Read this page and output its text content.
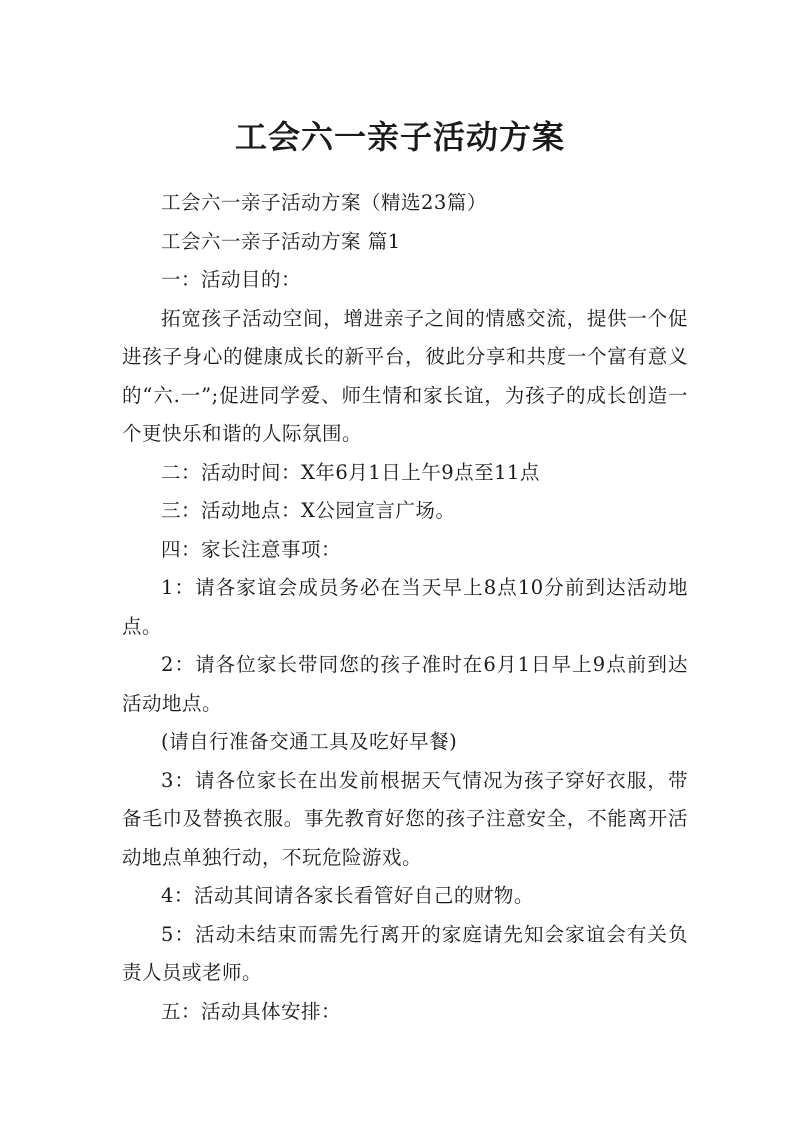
工会六一亲子活动方案

工会六一亲子活动方案（精选23篇）

工会六一亲子活动方案 篇1

一：活动目的：

拓宽孩子活动空间，增进亲子之间的情感交流，提供一个促进孩子身心的健康成长的新平台，彼此分享和共度一个富有意义的“六.一”;促进同学爱、师生情和家长谊，为孩子的成长创造一个更快乐和谐的人际氛围。

二：活动时间：X年6月1日上午9点至11点

三：活动地点：X公园宣言广场。

四：家长注意事项：

1：请各家谊会成员务必在当天早上8点10分前到达活动地点。

2：请各位家长带同您的孩子准时在6月1日早上9点前到达活动地点。

(请自行准备交通工具及吃好早餐)

3：请各位家长在出发前根据天气情况为孩子穿好衣服，带备毛巾及替换衣服。事先教育好您的孩子注意安全，不能离开活动地点单独行动，不玩危险游戏。

4：活动其间请各家长看管好自己的财物。

5：活动未结束而需先行离开的家庭请先知会家谊会有关负责人员或老师。

五：活动具体安排：
